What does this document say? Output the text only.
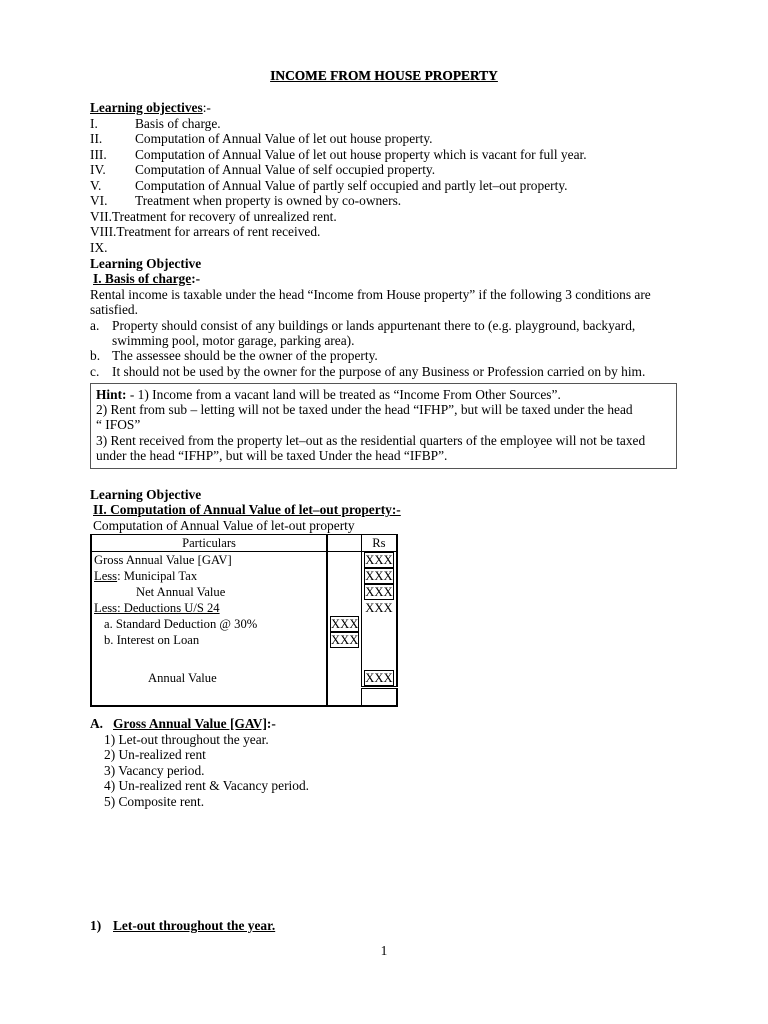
INCOME FROM HOUSE PROPERTY
Learning objectives:-
I.	Basis of charge.
II. Computation of Annual Value of let out house property.
III. Computation of Annual Value of let out house property which is vacant for full year.
IV. Computation of Annual Value of self occupied property.
V.	Computation of Annual Value of partly self occupied and partly let–out property.
VI. Treatment when property is owned by co-owners.
VII.Treatment for recovery of unrealized rent.
VIII.Treatment for arrears of rent received.
IX.
Learning Objective
I. Basis of charge:-
Rental income is taxable under the head “Income from House property” if the following 3 conditions are
satisfied.
a. Property should consist of any buildings or lands appurtenant there to (e.g. playground, backyard,
swimming pool, motor garage, parking area).
b. The assessee should be the owner of the property.
c. It should not be used by the owner for the purpose of any Business or Profession carried on by him.
Hint: - 1) Income from a vacant land will be treated as “Income From Other Sources”.
2) Rent from sub – letting will not be taxed under the head “IFHP”, but will be taxed under the head
“ IFOS”
3) Rent received from the property let–out as the residential quarters of the employee will not be taxed
under the head “IFHP”, but will be taxed Under the head “IFBP”.
Learning Objective
II. Computation of Annual Value of let–out property:-
Computation of Annual Value of let-out property
Particulars		Rs
Gross Annual Value [GAV]		XXX
Less: Municipal Tax		XXX
Net Annual Value		XXX
Less: Deductions U/S 24		XXX
a. Standard Deduction @ 30%	XXX	
b. Interest on Loan	XXX	

Annual Value		XXX

A. Gross Annual Value [GAV]:-
1) Let-out throughout the year.
2) Un-realized rent
3) Vacancy period.
4) Un-realized rent & Vacancy period.
5) Composite rent.
1) Let-out throughout the year.
1
